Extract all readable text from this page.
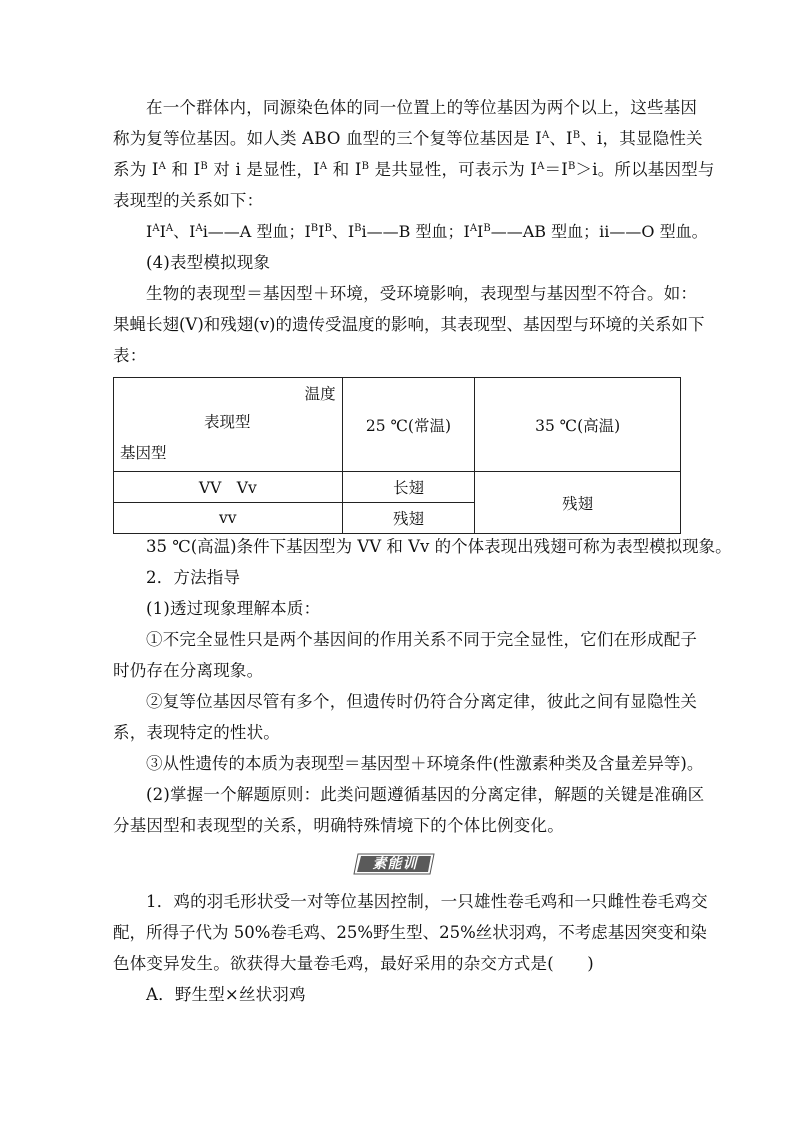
在一个群体内，同源染色体的同一位置上的等位基因为两个以上，这些基因
称为复等位基因。如人类 ABO 血型的三个复等位基因是 $I^A$、$I^B$、i，其显隐性关
系为 $I^A$ 和 $I^B$ 对 i 是显性，$I^A$ 和 $I^B$ 是共显性，可表示为 $I^A=I^B>i$。所以基因型与
表现型的关系如下：
$I^AI^A$、$I^Ai——A$ 型血；$I^BI^B$、$I^Bi——B$ 型血；$I^AI^B——AB$ 型血；ii——O 型血。
(4)表型模拟现象
生物的表现型＝基因型＋环境，受环境影响，表现型与基因型不符合。如：
果蝇长翅(V)和残翅(v)的遗传受温度的影响，其表现型、基因型与环境的关系如下
表：
温度
表现型
基因型	25 ℃(常温)	35 ℃(高温)
VV　Vv	长翅	残翅
vv	残翅	
35 ℃(高温)条件下基因型为 VV 和 Vv 的个体表现出残翅可称为表型模拟现象。
2．方法指导
(1)透过现象理解本质：
①不完全显性只是两个基因间的作用关系不同于完全显性，它们在形成配子
时仍存在分离现象。
②复等位基因尽管有多个，但遗传时仍符合分离定律，彼此之间有显隐性关
系，表现特定的性状。
③从性遗传的本质为表现型＝基因型＋环境条件(性激素种类及含量差异等)。
(2)掌握一个解题原则：此类问题遵循基因的分离定律，解题的关键是准确区
分基因型和表现型的关系，明确特殊情境下的个体比例变化。
素能训练
1．鸡的羽毛形状受一对等位基因控制，一只雄性卷毛鸡和一只雌性卷毛鸡交
配，所得子代为 50%卷毛鸡、25%野生型、25%丝状羽鸡，不考虑基因突变和染
色体变异发生。欲获得大量卷毛鸡，最好采用的杂交方式是(　　)
A．野生型×丝状羽鸡
